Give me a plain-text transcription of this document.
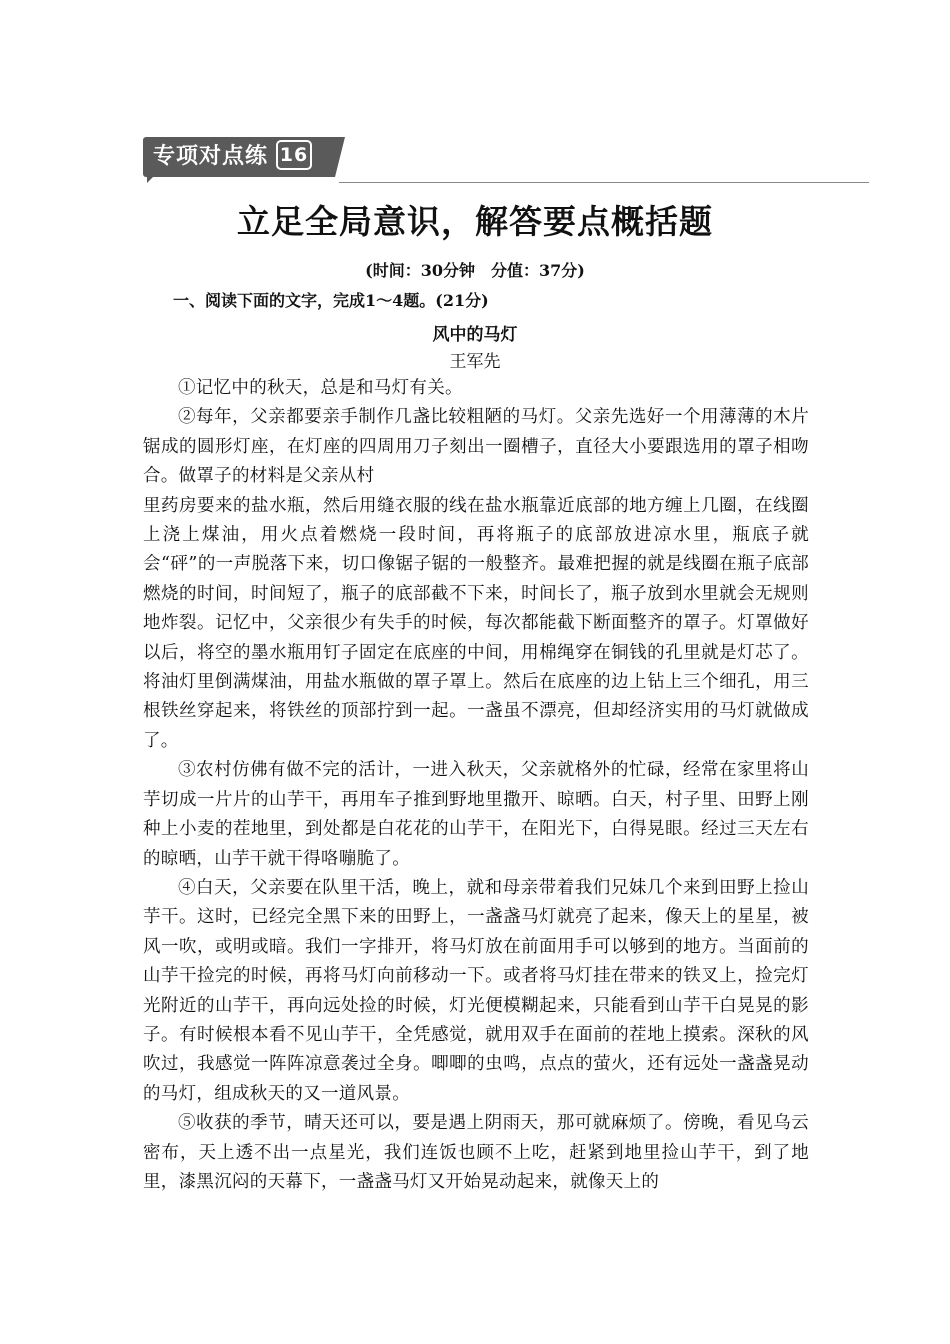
专项对点练 16
立足全局意识，解答要点概括题
(时间：30分钟　分值：37分)
一、阅读下面的文字，完成1～4题。(21分)
风中的马灯
王军先

①记忆中的秋天，总是和马灯有关。

②每年，父亲都要亲手制作几盏比较粗陋的马灯。父亲先选好一个用薄薄的木片锯成的圆形灯座，在灯座的四周用刀子刻出一圈槽子，直径大小要跟选用的罩子相吻合。做罩子的材料是父亲从村

里药房要来的盐水瓶，然后用缝衣服的线在盐水瓶靠近底部的地方缠上几圈，在线圈上浇上煤油，用火点着燃烧一段时间，再将瓶子的底部放进凉水里，瓶底子就会“砰”的一声脱落下来，切口像锯子锯的一般整齐。最难把握的就是线圈在瓶子底部燃烧的时间，时间短了，瓶子的底部截不下来，时间长了，瓶子放到水里就会无规则地炸裂。记忆中，父亲很少有失手的时候，每次都能截下断面整齐的罩子。灯罩做好以后，将空的墨水瓶用钉子固定在底座的中间，用棉绳穿在铜钱的孔里就是灯芯了。将油灯里倒满煤油，用盐水瓶做的罩子罩上。然后在底座的边上钻上三个细孔，用三根铁丝穿起来，将铁丝的顶部拧到一起。一盏虽不漂亮，但却经济实用的马灯就做成了。

③农村仿佛有做不完的活计，一进入秋天，父亲就格外的忙碌，经常在家里将山芋切成一片片的山芋干，再用车子推到野地里撒开、晾晒。白天，村子里、田野上刚种上小麦的茬地里，到处都是白花花的山芋干，在阳光下，白得晃眼。经过三天左右的晾晒，山芋干就干得咯嘣脆了。

④白天，父亲要在队里干活，晚上，就和母亲带着我们兄妹几个来到田野上捡山芋干。这时，已经完全黑下来的田野上，一盏盏马灯就亮了起来，像天上的星星，被风一吹，或明或暗。我们一字排开，将马灯放在前面用手可以够到的地方。当面前的山芋干捡完的时候，再将马灯向前移动一下。或者将马灯挂在带来的铁叉上，捡完灯光附近的山芋干，再向远处捡的时候，灯光便模糊起来，只能看到山芋干白晃晃的影子。有时候根本看不见山芋干，全凭感觉，就用双手在面前的茬地上摸索。深秋的风吹过，我感觉一阵阵凉意袭过全身。唧唧的虫鸣，点点的萤火，还有远处一盏盏晃动的马灯，组成秋天的又一道风景。

⑤收获的季节，晴天还可以，要是遇上阴雨天，那可就麻烦了。傍晚，看见乌云密布，天上透不出一点星光，我们连饭也顾不上吃，赶紧到地里捡山芋干，到了地里，漆黑沉闷的天幕下，一盏盏马灯又开始晃动起来，就像天上的
